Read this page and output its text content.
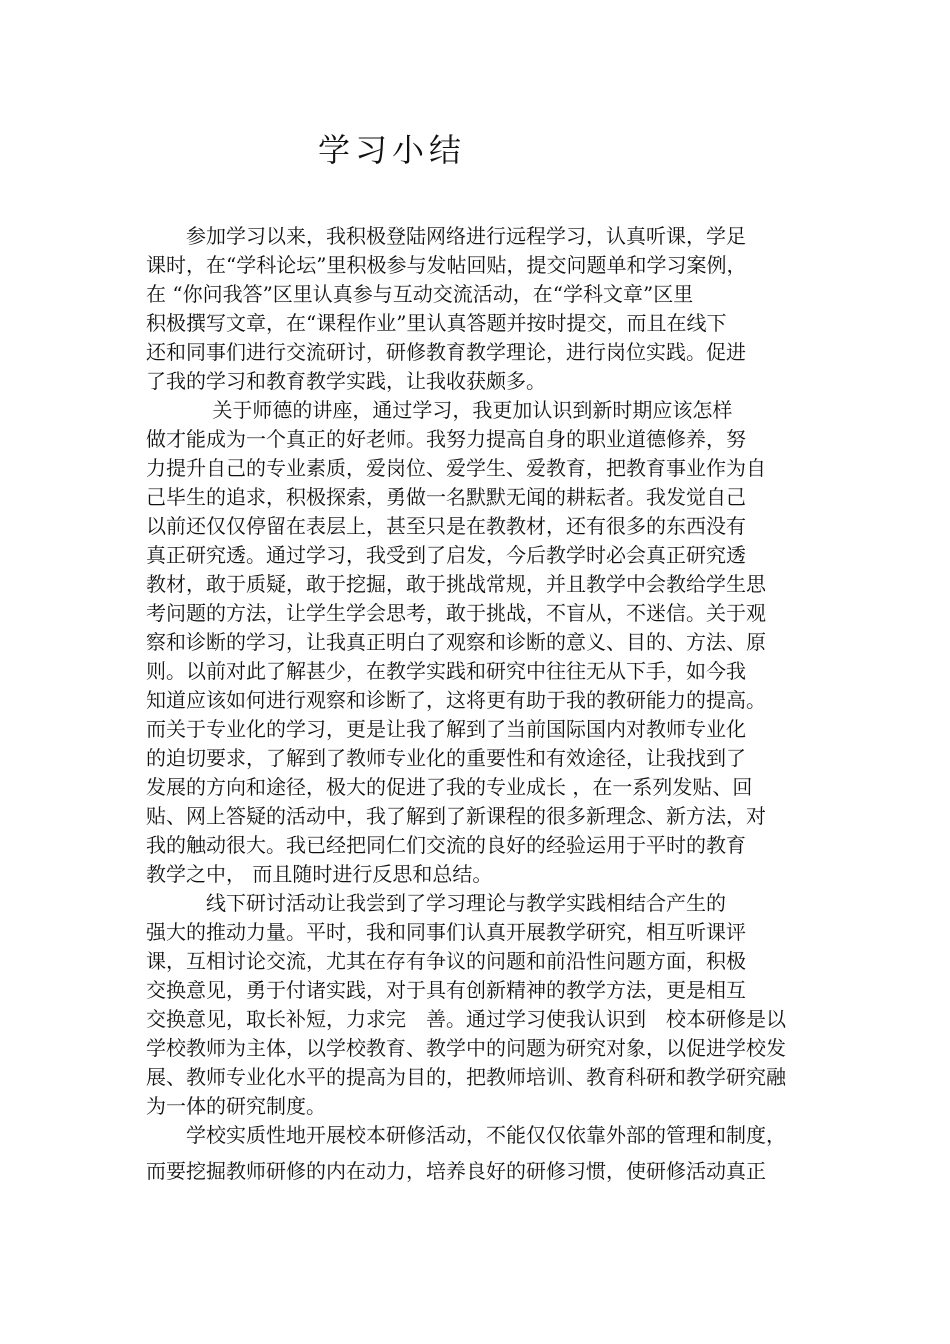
学习小结
　　参加学习以来，我积极登陆网络进行远程学习，认真听课，学足
课时，在“学科论坛”里积极参与发帖回贴，提交问题单和学习案例，
在 “你问我答”区里认真参与互动交流活动，在“学科文章”区里
积极撰写文章，在“课程作业”里认真答题并按时提交，而且在线下
还和同事们进行交流研讨，研修教育教学理论，进行岗位实践。促进
了我的学习和教育教学实践，让我收获颇多。
　　　 关于师德的讲座，通过学习，我更加认识到新时期应该怎样
做才能成为一个真正的好老师。我努力提高自身的职业道德修养，努
力提升自己的专业素质，爱岗位、爱学生、爱教育，把教育事业作为自
己毕生的追求，积极探索，勇做一名默默无闻的耕耘者。我发觉自己
以前还仅仅停留在表层上，甚至只是在教教材，还有很多的东西没有
真正研究透。通过学习，我受到了启发，今后教学时必会真正研究透
教材，敢于质疑，敢于挖掘，敢于挑战常规，并且教学中会教给学生思
考问题的方法，让学生学会思考，敢于挑战，不盲从，不迷信。关于观
察和诊断的学习，让我真正明白了观察和诊断的意义、目的、方法、原
则。以前对此了解甚少，在教学实践和研究中往往无从下手，如今我
知道应该如何进行观察和诊断了，这将更有助于我的教研能力的提高。
而关于专业化的学习，更是让我了解到了当前国际国内对教师专业化
的迫切要求，了解到了教师专业化的重要性和有效途径，让我找到了
发展的方向和途径，极大的促进了我的专业成长 ，在一系列发贴、回
贴、网上答疑的活动中，我了解到了新课程的很多新理念、新方法，对
我的触动很大。我已经把同仁们交流的良好的经验运用于平时的教育
教学之中， 而且随时进行反思和总结。
　　　线下研讨活动让我尝到了学习理论与教学实践相结合产生的
强大的推动力量。平时，我和同事们认真开展教学研究，相互听课评
课，互相讨论交流，尤其在存有争议的问题和前沿性问题方面，积极
交换意见，勇于付诸实践，对于具有创新精神的教学方法，更是相互
交换意见，取长补短，力求完　善。通过学习使我认识到　校本研修是以
学校教师为主体，以学校教育、教学中的问题为研究对象，以促进学校发
展、教师专业化水平的提高为目的，把教师培训、教育科研和教学研究融
为一体的研究制度。
　　学校实质性地开展校本研修活动，不能仅仅依靠外部的管理和制度，
而要挖掘教师研修的内在动力，培养良好的研修习惯，使研修活动真正
